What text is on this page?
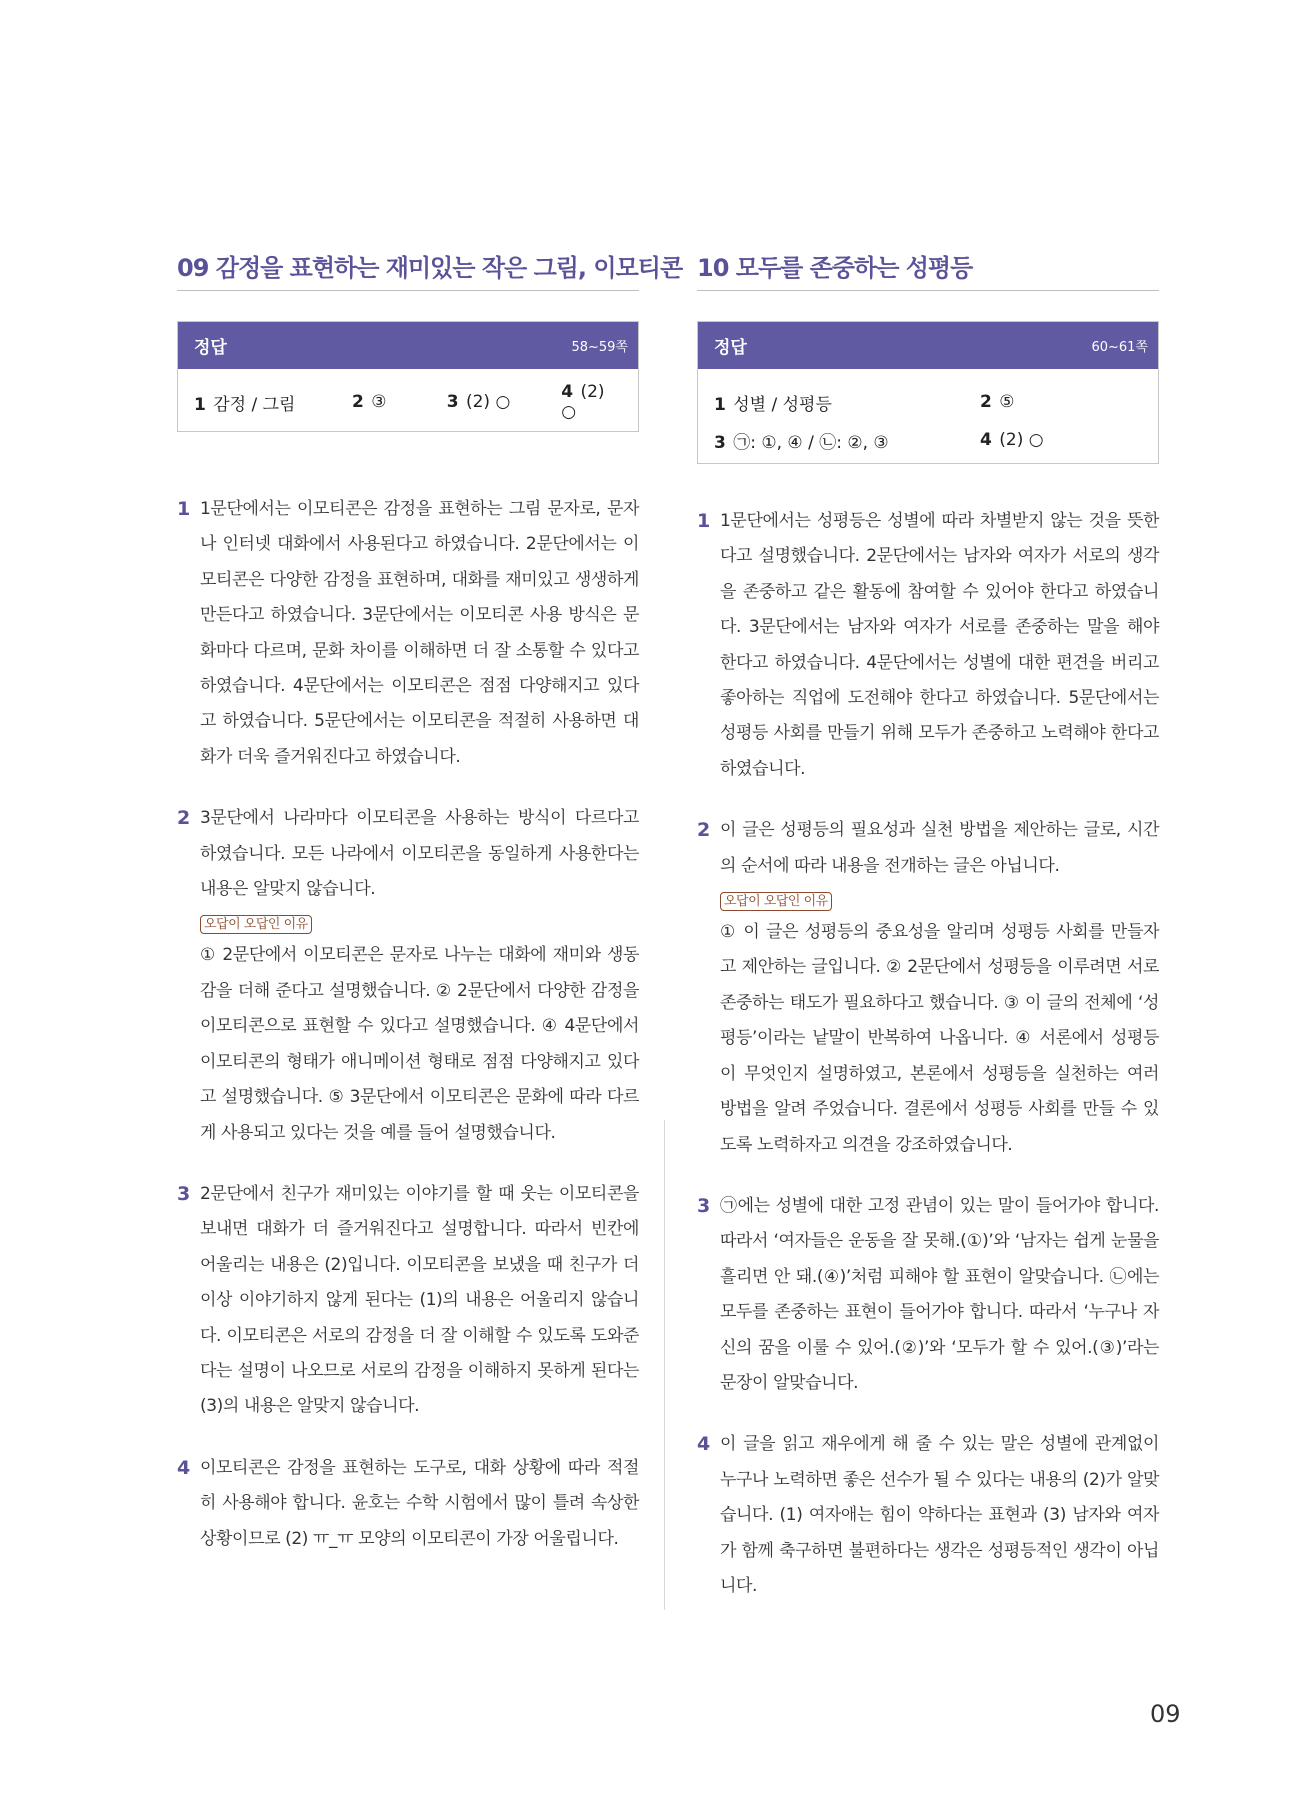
09 감정을 표현하는 재미있는 작은 그림, 이모티콘
정답	58~59쪽
1 감정 / 그림	2 ③	3 (2) ○	4 (2) ○
1 1문단에서는 이모티콘은 감정을 표현하는 그림 문자로, 문자나 인터넷 대화에서 사용된다고 하였습니다. 2문단에서는 이모티콘은 다양한 감정을 표현하며, 대화를 재미있고 생생하게 만든다고 하였습니다. 3문단에서는 이모티콘 사용 방식은 문화마다 다르며, 문화 차이를 이해하면 더 잘 소통할 수 있다고 하였습니다. 4문단에서는 이모티콘은 점점 다양해지고 있다고 하였습니다. 5문단에서는 이모티콘을 적절히 사용하면 대화가 더욱 즐거워진다고 하였습니다.
2 3문단에서 나라마다 이모티콘을 사용하는 방식이 다르다고 하였습니다. 모든 나라에서 이모티콘을 동일하게 사용한다는 내용은 알맞지 않습니다.
오답이 오답인 이유
① 2문단에서 이모티콘은 문자로 나누는 대화에 재미와 생동감을 더해 준다고 설명했습니다. ② 2문단에서 다양한 감정을 이모티콘으로 표현할 수 있다고 설명했습니다. ④ 4문단에서 이모티콘의 형태가 애니메이션 형태로 점점 다양해지고 있다고 설명했습니다. ⑤ 3문단에서 이모티콘은 문화에 따라 다르게 사용되고 있다는 것을 예를 들어 설명했습니다.
3 2문단에서 친구가 재미있는 이야기를 할 때 웃는 이모티콘을 보내면 대화가 더 즐거워진다고 설명합니다. 따라서 빈칸에 어울리는 내용은 (2)입니다. 이모티콘을 보냈을 때 친구가 더 이상 이야기하지 않게 된다는 (1)의 내용은 어울리지 않습니다. 이모티콘은 서로의 감정을 더 잘 이해할 수 있도록 도와준다는 설명이 나오므로 서로의 감정을 이해하지 못하게 된다는 (3)의 내용은 알맞지 않습니다.
4 이모티콘은 감정을 표현하는 도구로, 대화 상황에 따라 적절히 사용해야 합니다. 윤호는 수학 시험에서 많이 틀려 속상한 상황이므로 (2) ㅠ_ㅠ 모양의 이모티콘이 가장 어울립니다.
10 모두를 존중하는 성평등
정답	60~61쪽
1 성별 / 성평등	2 ⑤
3 ㉠: ①, ④ / ㉡: ②, ③	4 (2) ○
1 1문단에서는 성평등은 성별에 따라 차별받지 않는 것을 뜻한다고 설명했습니다. 2문단에서는 남자와 여자가 서로의 생각을 존중하고 같은 활동에 참여할 수 있어야 한다고 하였습니다. 3문단에서는 남자와 여자가 서로를 존중하는 말을 해야 한다고 하였습니다. 4문단에서는 성별에 대한 편견을 버리고 좋아하는 직업에 도전해야 한다고 하였습니다. 5문단에서는 성평등 사회를 만들기 위해 모두가 존중하고 노력해야 한다고 하였습니다.
2 이 글은 성평등의 필요성과 실천 방법을 제안하는 글로, 시간의 순서에 따라 내용을 전개하는 글은 아닙니다.
오답이 오답인 이유
① 이 글은 성평등의 중요성을 알리며 성평등 사회를 만들자고 제안하는 글입니다. ② 2문단에서 성평등을 이루려면 서로 존중하는 태도가 필요하다고 했습니다. ③ 이 글의 전체에 ‘성평등’이라는 낱말이 반복하여 나옵니다. ④ 서론에서 성평등이 무엇인지 설명하였고, 본론에서 성평등을 실천하는 여러 방법을 알려 주었습니다. 결론에서 성평등 사회를 만들 수 있도록 노력하자고 의견을 강조하였습니다.
3 ㉠에는 성별에 대한 고정 관념이 있는 말이 들어가야 합니다. 따라서 ‘여자들은 운동을 잘 못해.(①)’와 ‘남자는 쉽게 눈물을 흘리면 안 돼.(④)’처럼 피해야 할 표현이 알맞습니다. ㉡에는 모두를 존중하는 표현이 들어가야 합니다. 따라서 ‘누구나 자신의 꿈을 이룰 수 있어.(②)’와 ‘모두가 할 수 있어.(③)’라는 문장이 알맞습니다.
4 이 글을 읽고 재우에게 해 줄 수 있는 말은 성별에 관계없이 누구나 노력하면 좋은 선수가 될 수 있다는 내용의 (2)가 알맞습니다. (1) 여자애는 힘이 약하다는 표현과 (3) 남자와 여자가 함께 축구하면 불편하다는 생각은 성평등적인 생각이 아닙니다.
09
